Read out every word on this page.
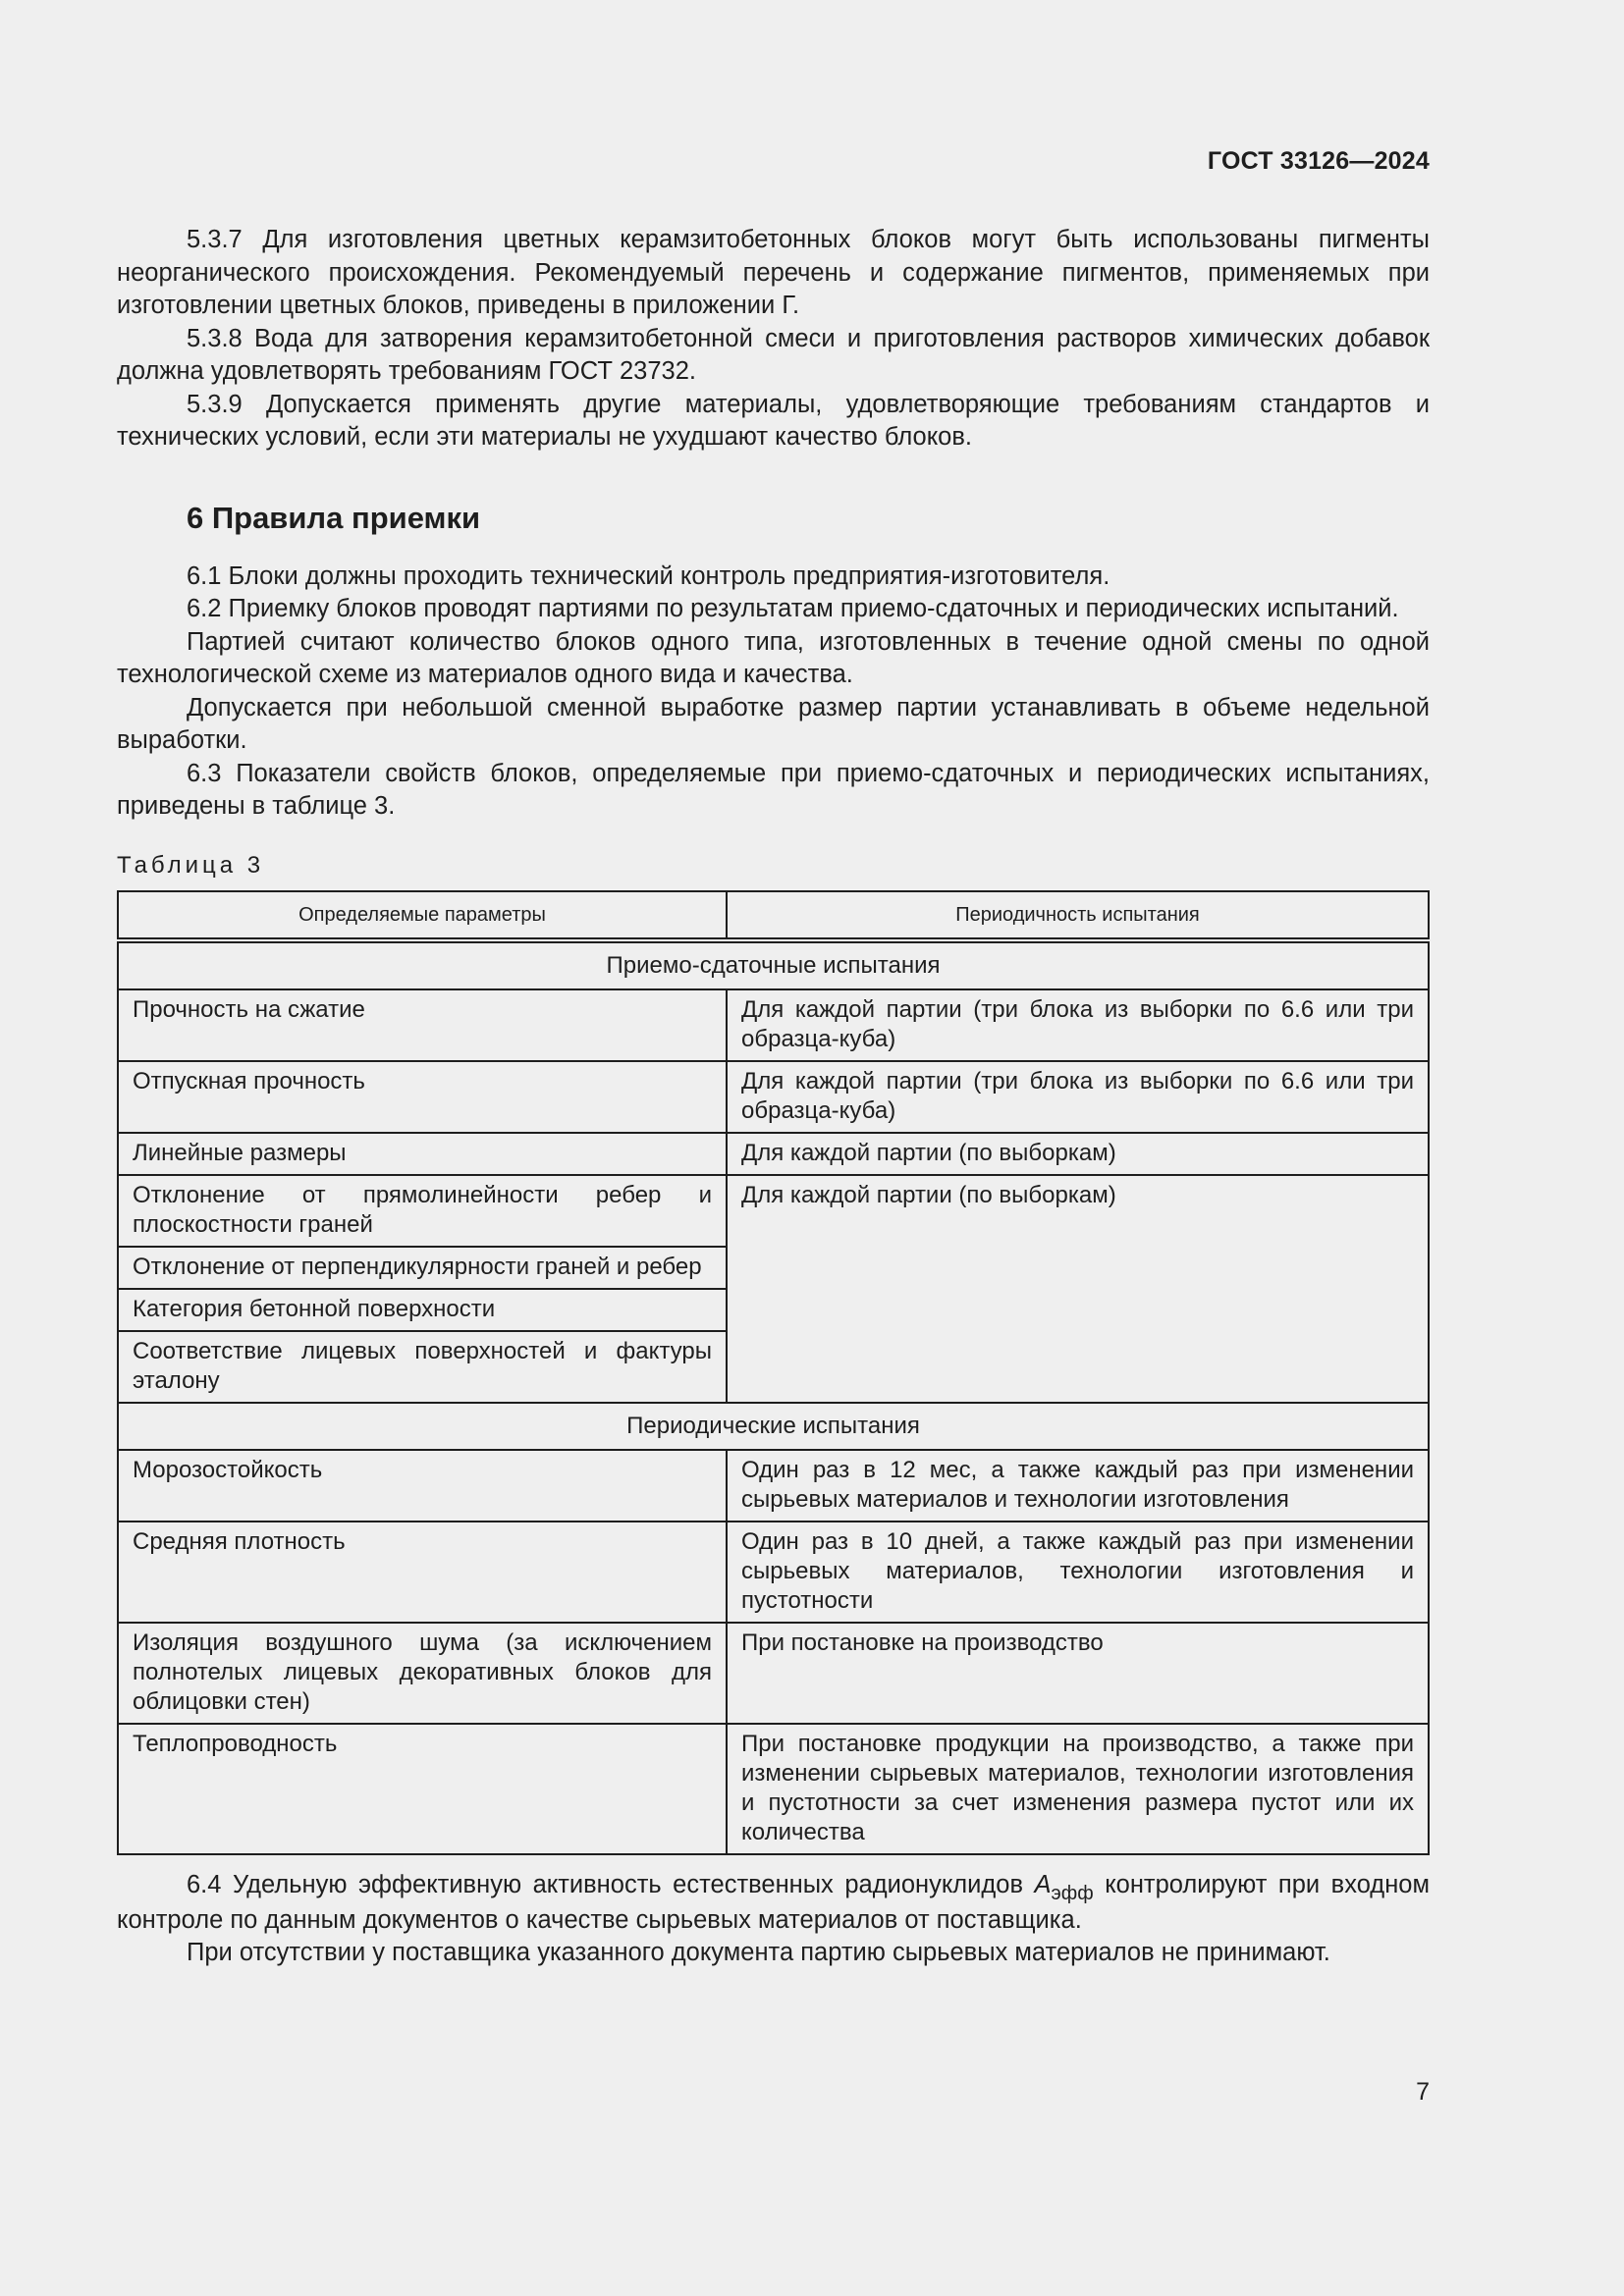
ГОСТ 33126—2024

5.3.7 Для изготовления цветных керамзитобетонных блоков могут быть использованы пигменты неорганического происхождения. Рекомендуемый перечень и содержание пигментов, применяемых при изготовлении цветных блоков, приведены в приложении Г.

5.3.8 Вода для затворения керамзитобетонной смеси и приготовления растворов химических добавок должна удовлетворять требованиям ГОСТ 23732.

5.3.9 Допускается применять другие материалы, удовлетворяющие требованиям стандартов и технических условий, если эти материалы не ухудшают качество блоков.

6 Правила приемки

6.1 Блоки должны проходить технический контроль предприятия-изготовителя.

6.2 Приемку блоков проводят партиями по результатам приемо-сдаточных и периодических испытаний.

Партией считают количество блоков одного типа, изготовленных в течение одной смены по одной технологической схеме из материалов одного вида и качества.

Допускается при небольшой сменной выработке размер партии устанавливать в объеме недельной выработки.

6.3 Показатели свойств блоков, определяемые при приемо-сдаточных и периодических испытаниях, приведены в таблице 3.

Таблица 3
Определяемые параметры	Периодичность испытания
Приемо-сдаточные испытания	
Прочность на сжатие	Для каждой партии (три блока из выборки по 6.6 или три образца-куба)
Отпускная прочность	Для каждой партии (три блока из выборки по 6.6 или три образца-куба)
Линейные размеры	Для каждой партии (по выборкам)
Отклонение от прямолинейности ребер и плоскостности граней	Для каждой партии (по выборкам)
Отклонение от перпендикулярности граней и ребер	
Категория бетонной поверхности	
Соответствие лицевых поверхностей и фактуры эталону	
Периодические испытания	
Морозостойкость	Один раз в 12 мес, а также каждый раз при изменении сырьевых материалов и технологии изготовления
Средняя плотность	Один раз в 10 дней, а также каждый раз при изменении сырьевых материалов, технологии изготовления и пустотности
Изоляция воздушного шума (за исключением полнотелых лицевых декоративных блоков для облицовки стен)	При постановке на производство
Теплопроводность	При постановке продукции на производство, а также при изменении сырьевых материалов, технологии изготовления и пустотности за счет изменения размера пустот или их количества

6.4 Удельную эффективную активность естественных радионуклидов $A_{эфф}$ контролируют при входном контроле по данным документов о качестве сырьевых материалов от поставщика.

При отсутствии у поставщика указанного документа партию сырьевых материалов не принимают.

7
